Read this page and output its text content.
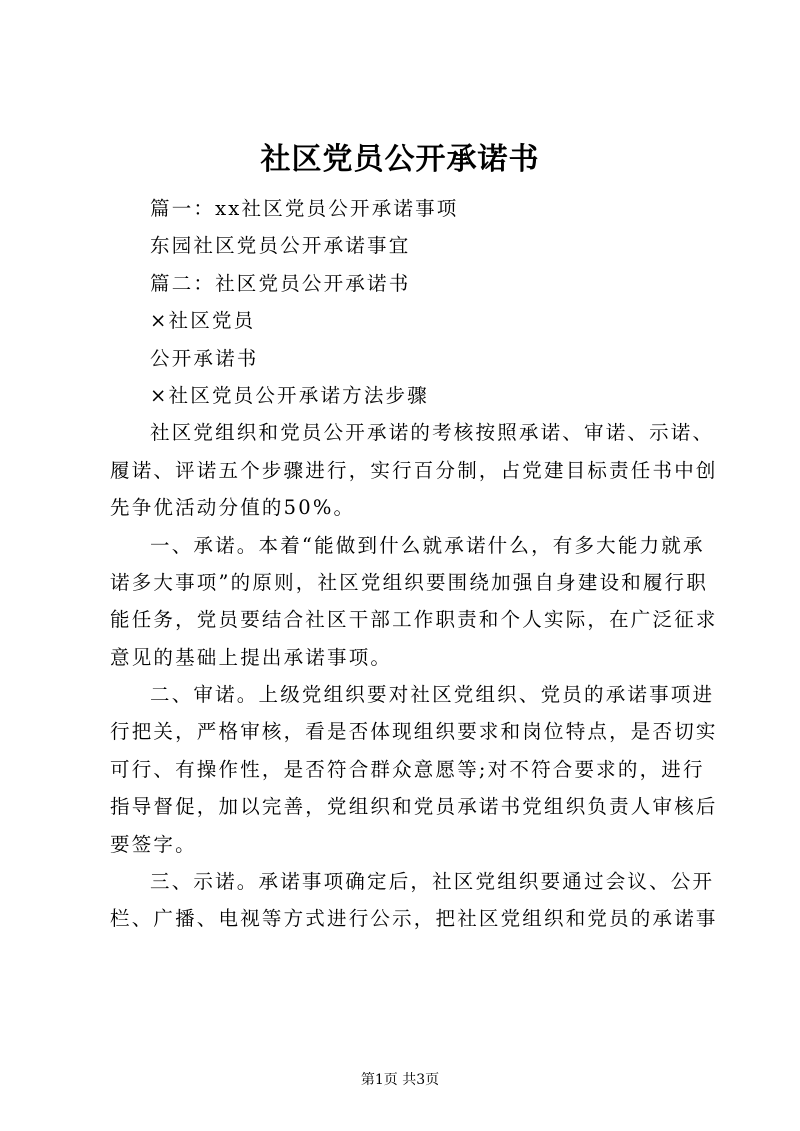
社区党员公开承诺书
篇一：xx社区党员公开承诺事项
东园社区党员公开承诺事宜
篇二：社区党员公开承诺书
×社区党员
公开承诺书
×社区党员公开承诺方法步骤
社区党组织和党员公开承诺的考核按照承诺、审诺、示诺、
履诺、评诺五个步骤进行，实行百分制，占党建目标责任书中创
先争优活动分值的50%。
一、承诺。本着“能做到什么就承诺什么，有多大能力就承
诺多大事项”的原则，社区党组织要围绕加强自身建设和履行职
能任务，党员要结合社区干部工作职责和个人实际，在广泛征求
意见的基础上提出承诺事项。
二、审诺。上级党组织要对社区党组织、党员的承诺事项进
行把关，严格审核，看是否体现组织要求和岗位特点，是否切实
可行、有操作性，是否符合群众意愿等;对不符合要求的，进行
指导督促，加以完善，党组织和党员承诺书党组织负责人审核后
要签字。
三、示诺。承诺事项确定后，社区党组织要通过会议、公开
栏、广播、电视等方式进行公示，把社区党组织和党员的承诺事
第1页 共3页
